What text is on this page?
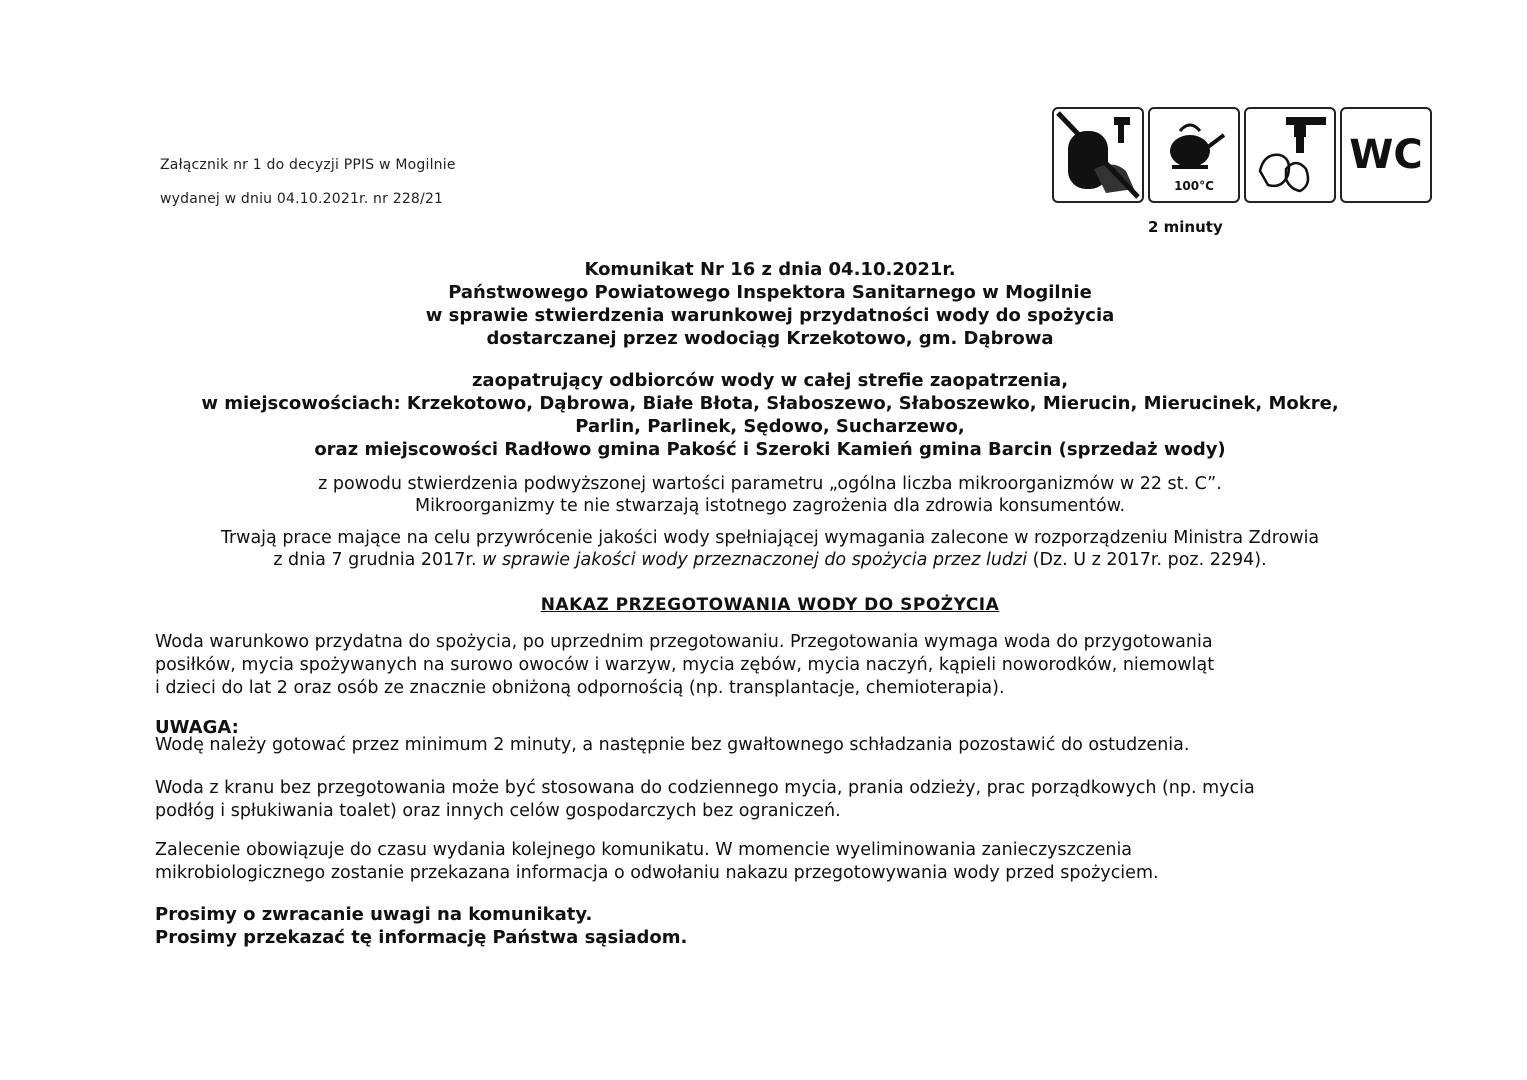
Załącznik nr 1 do decyzji PPIS w Mogilnie
wydanej w dniu 04.10.2021r. nr 228/21
100°C
WC
2 minuty
Komunikat Nr 16 z dnia 04.10.2021r.
Państwowego Powiatowego Inspektora Sanitarnego w Mogilnie
w sprawie stwierdzenia warunkowej przydatności wody do spożycia
dostarczanej przez wodociąg Krzekotowo, gm. Dąbrowa
zaopatrujący odbiorców wody w całej strefie zaopatrzenia,
w miejscowościach: Krzekotowo, Dąbrowa, Białe Błota, Słaboszewo, Słaboszewko, Mierucin, Mierucinek, Mokre,
Parlin, Parlinek, Sędowo, Sucharzewo,
oraz miejscowości Radłowo gmina Pakość i Szeroki Kamień gmina Barcin (sprzedaż wody)
z powodu stwierdzenia podwyższonej wartości parametru „ogólna liczba mikroorganizmów w 22 st. C”.
Mikroorganizmy te nie stwarzają istotnego zagrożenia dla zdrowia konsumentów.
Trwają prace mające na celu przywrócenie jakości wody spełniającej wymagania zalecone w rozporządzeniu Ministra Zdrowia
z dnia 7 grudnia 2017r. w sprawie jakości wody przeznaczonej do spożycia przez ludzi (Dz. U z 2017r. poz. 2294).
NAKAZ PRZEGOTOWANIA WODY DO SPOŻYCIA
Woda warunkowo przydatna do spożycia, po uprzednim przegotowaniu. Przegotowania wymaga woda do przygotowania
posiłków, mycia spożywanych na surowo owoców i warzyw, mycia zębów, mycia naczyń, kąpieli noworodków, niemowląt
i dzieci do lat 2 oraz osób ze znacznie obniżoną odpornością (np. transplantacje, chemioterapia).
UWAGA:
Wodę należy gotować przez minimum 2 minuty, a następnie bez gwałtownego schładzania pozostawić do ostudzenia.
Woda z kranu bez przegotowania może być stosowana do codziennego mycia, prania odzieży, prac porządkowych (np. mycia
podłóg i spłukiwania toalet) oraz innych celów gospodarczych bez ograniczeń.
Zalecenie obowiązuje do czasu wydania kolejnego komunikatu. W momencie wyeliminowania zanieczyszczenia
mikrobiologicznego zostanie przekazana informacja o odwołaniu nakazu przegotowywania wody przed spożyciem.
Prosimy o zwracanie uwagi na komunikaty.
Prosimy przekazać tę informację Państwa sąsiadom.
